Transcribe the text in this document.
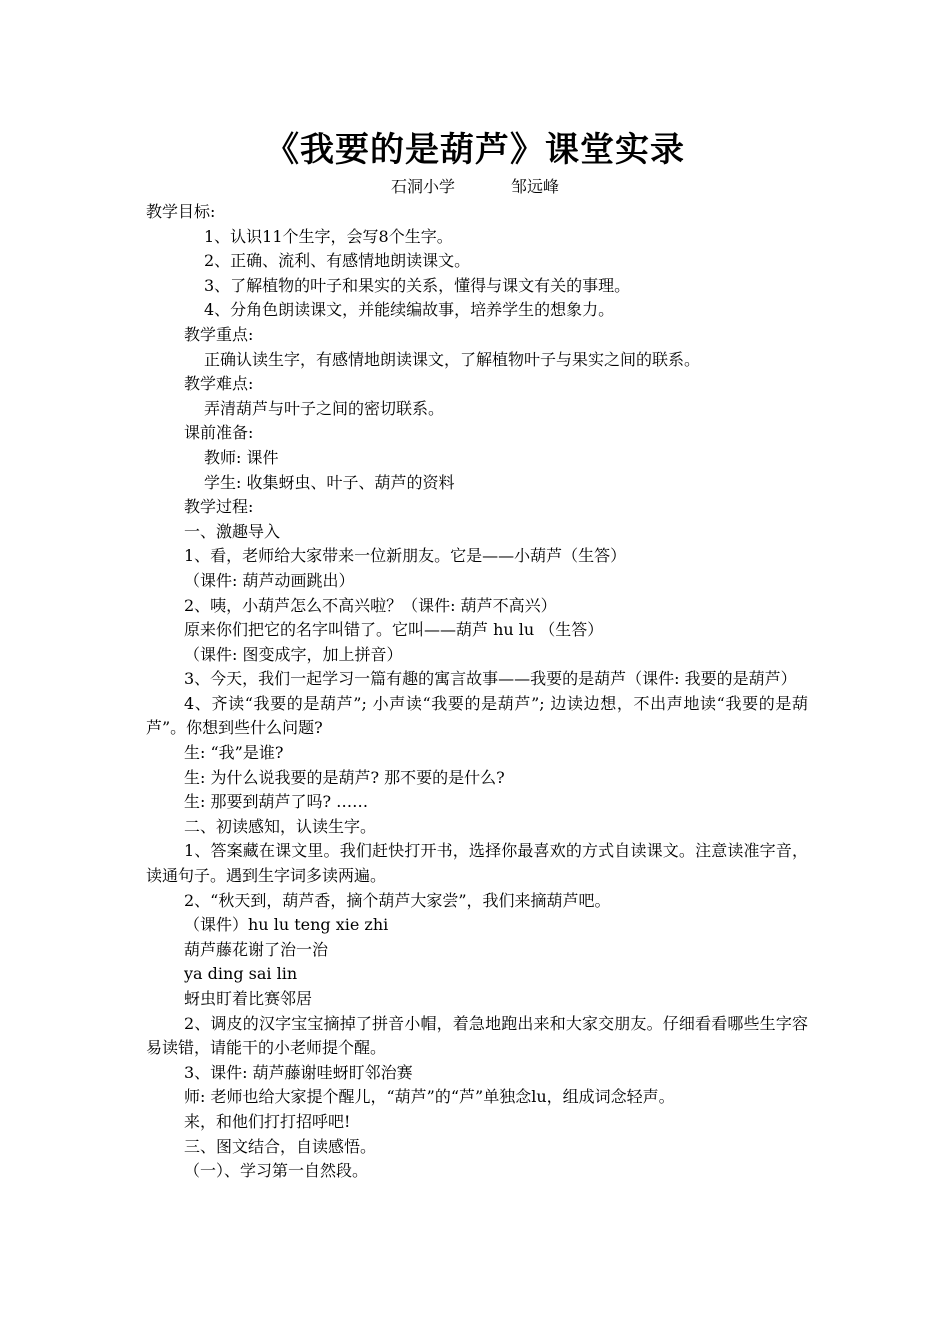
《我要的是葫芦》课堂实录
石洞小学	邹远峰

教学目标:

1、认识11个生字，会写8个生字。

2、正确、流利、有感情地朗读课文。

3、了解植物的叶子和果实的关系，懂得与课文有关的事理。

4、分角色朗读课文，并能续编故事，培养学生的想象力。

教学重点:

正确认读生字，有感情地朗读课文，了解植物叶子与果实之间的联系。

教学难点:

弄清葫芦与叶子之间的密切联系。

课前准备:

教师: 课件

学生: 收集蚜虫、叶子、葫芦的资料

教学过程:

一、激趣导入

1、看，老师给大家带来一位新朋友。它是——小葫芦（生答）

（课件: 葫芦动画跳出）

2、咦，小葫芦怎么不高兴啦？（课件: 葫芦不高兴）

原来你们把它的名字叫错了。它叫——葫芦 hu lu （生答）

（课件: 图变成字，加上拼音）

3、今天，我们一起学习一篇有趣的寓言故事——我要的是葫芦（课件: 我要的是葫芦）

4、齐读“我要的是葫芦”; 小声读“我要的是葫芦”; 边读边想，不出声地读“我要的是葫芦”。你想到些什么问题?

生: “我”是谁?

生: 为什么说我要的是葫芦? 那不要的是什么?

生: 那要到葫芦了吗? ……

二、初读感知，认读生字。

1、答案藏在课文里。我们赶快打开书，选择你最喜欢的方式自读课文。注意读准字音，读通句子。遇到生字词多读两遍。

2、“秋天到，葫芦香，摘个葫芦大家尝”，我们来摘葫芦吧。

（课件）hu lu teng xie zhi

葫芦藤花谢了治一治

ya ding sai lin

蚜虫盯着比赛邻居

2、调皮的汉字宝宝摘掉了拼音小帽，着急地跑出来和大家交朋友。仔细看看哪些生字容易读错，请能干的小老师提个醒。

3、课件: 葫芦藤谢哇蚜盯邻治赛

师: 老师也给大家提个醒儿，“葫芦”的“芦”单独念lu，组成词念轻声。

来，和他们打打招呼吧!

三、图文结合，自读感悟。

（一）、学习第一自然段。
